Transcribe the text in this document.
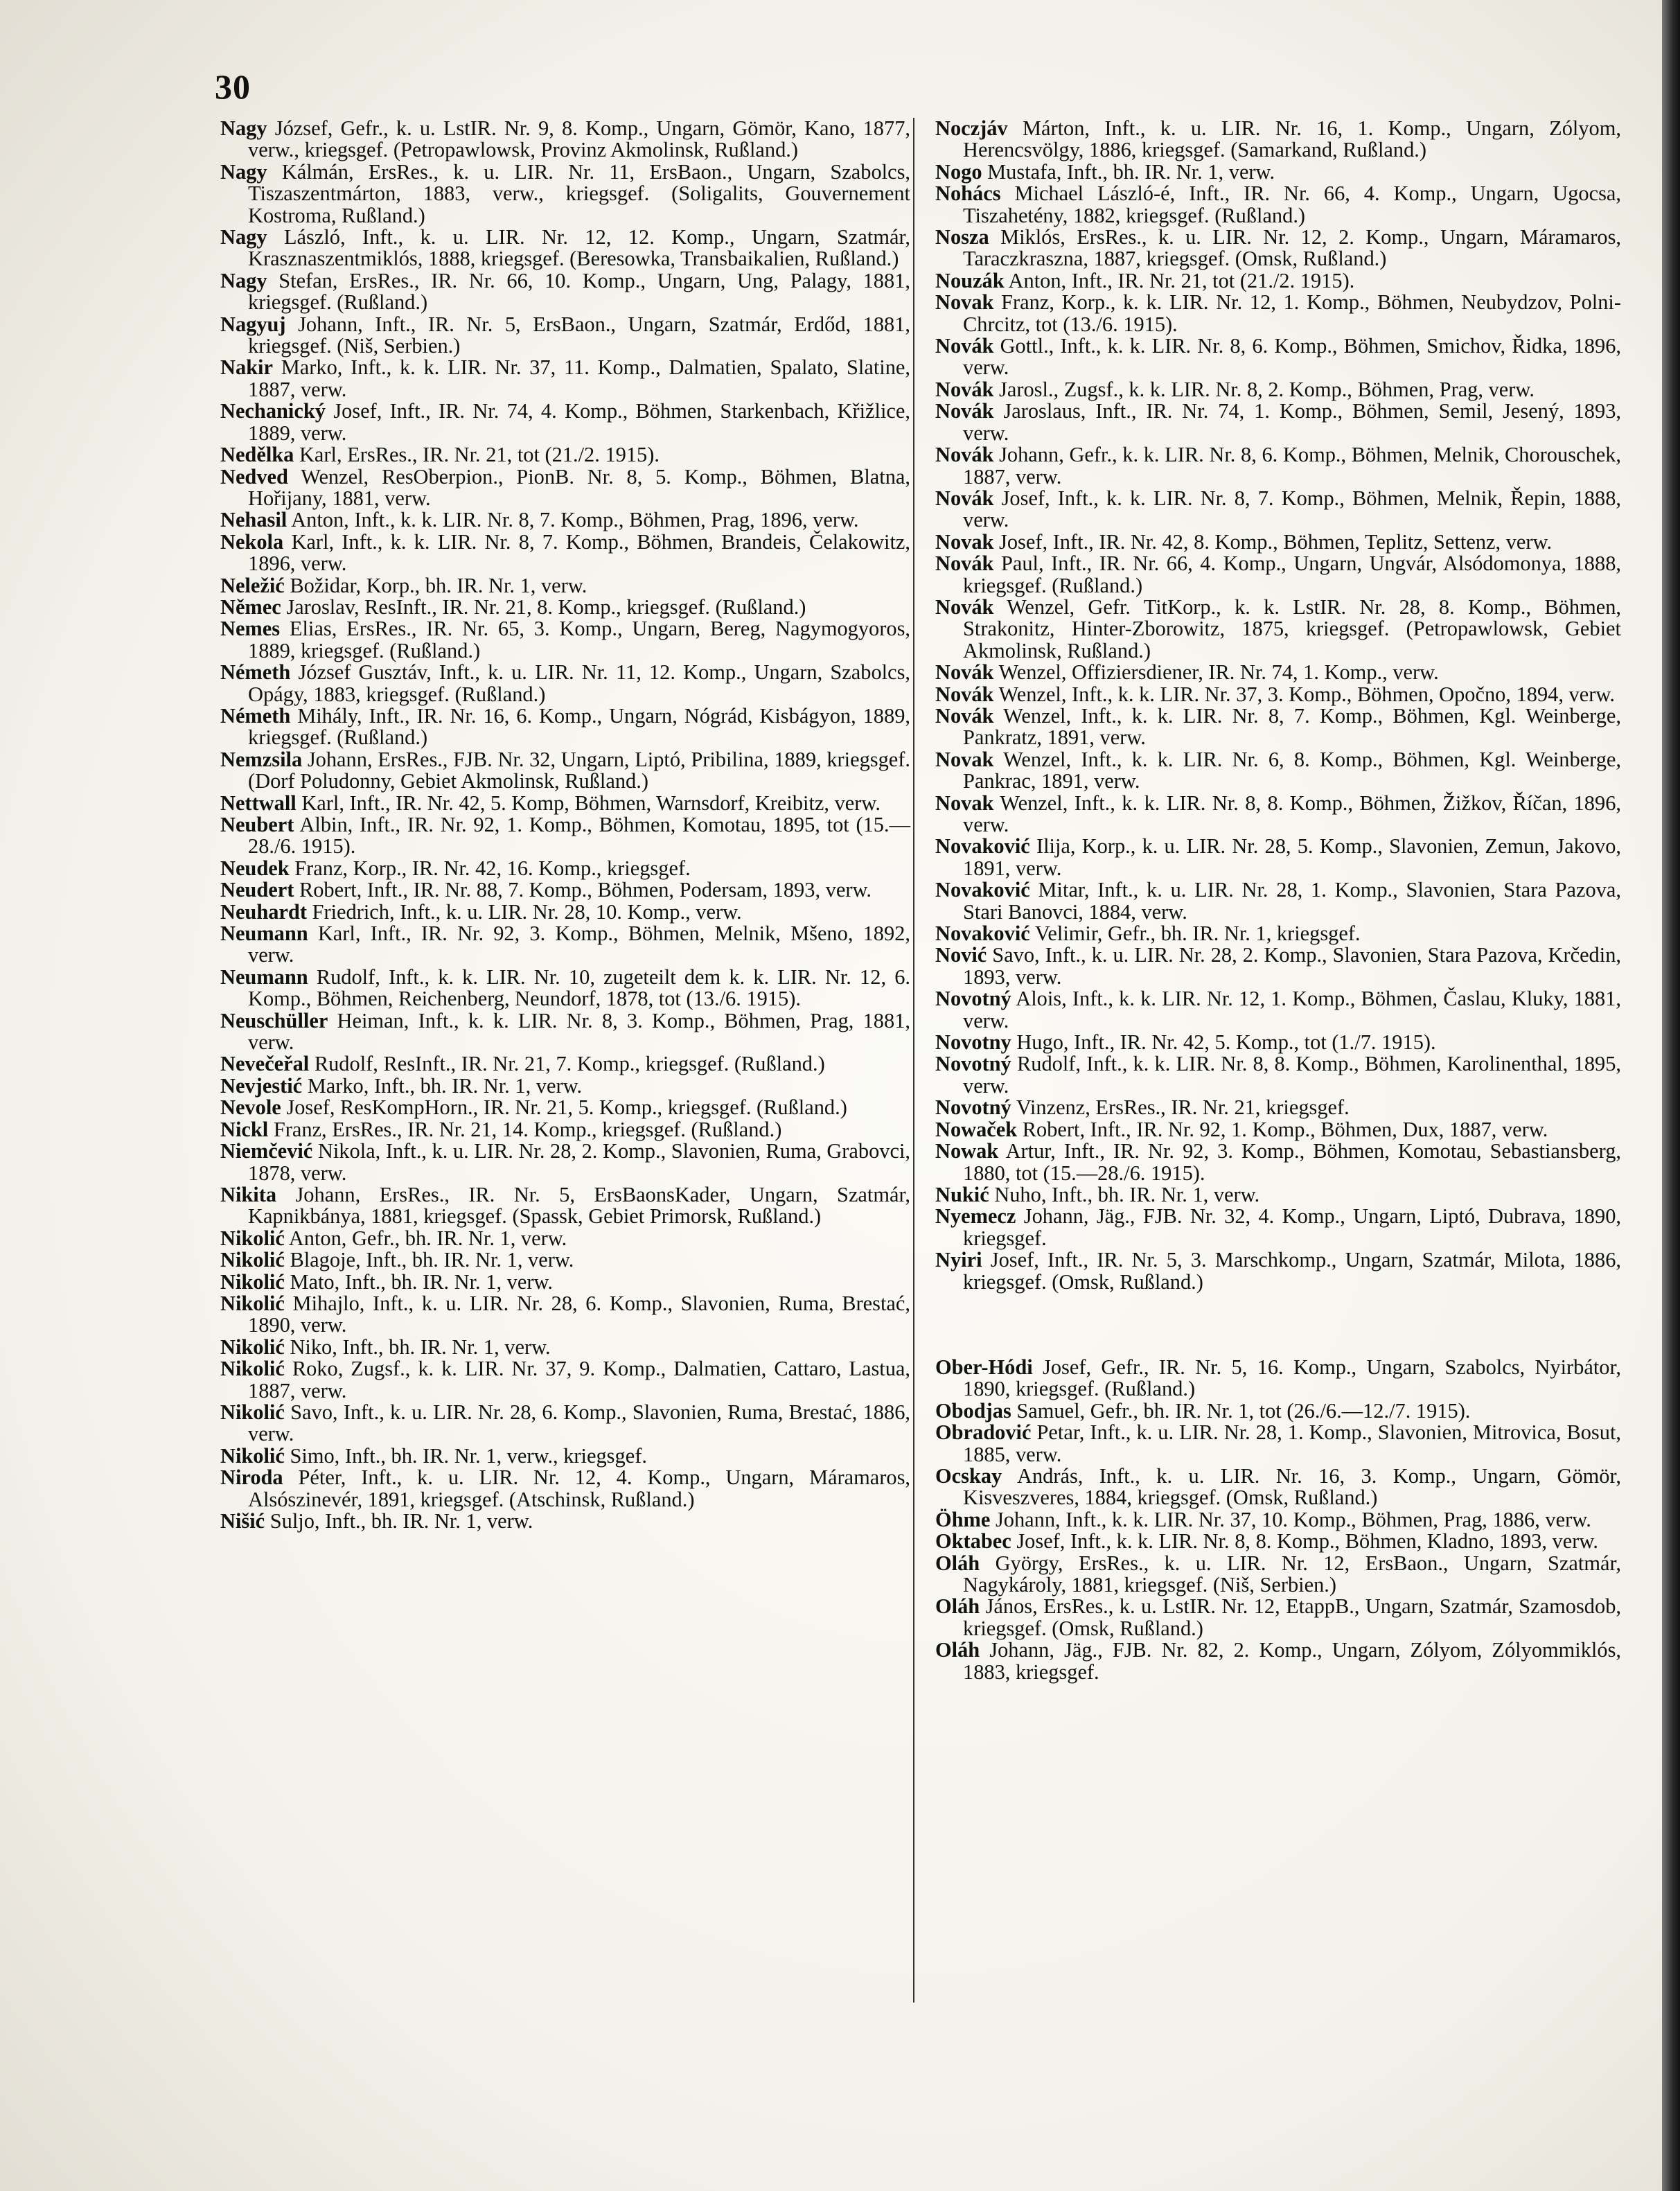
30

Nagy József, Gefr., k. u. LstIR. Nr. 9, 8. Komp., Ungarn, Gömör, Kano, 1877, verw., kriegsgef. (Petropawlowsk, Provinz Akmolinsk, Rußland.)

Nagy Kálmán, ErsRes., k. u. LIR. Nr. 11, ErsBaon., Ungarn, Szabolcs, Tiszaszentmárton, 1883, verw., kriegsgef. (Soligalits, Gouvernement Kostroma, Rußland.)

Nagy László, Inft., k. u. LIR. Nr. 12, 12. Komp., Ungarn, Szatmár, Krasznaszentmiklós, 1888, kriegsgef. (Beresowka, Transbaikalien, Rußland.)

Nagy Stefan, ErsRes., IR. Nr. 66, 10. Komp., Ungarn, Ung, Palagy, 1881, kriegsgef. (Rußland.)

Nagyuj Johann, Inft., IR. Nr. 5, ErsBaon., Ungarn, Szatmár, Erdőd, 1881, kriegsgef. (Niš, Serbien.)

Nakir Marko, Inft., k. k. LIR. Nr. 37, 11. Komp., Dalmatien, Spalato, Slatine, 1887, verw.

Nechanický Josef, Inft., IR. Nr. 74, 4. Komp., Böhmen, Starkenbach, Křižlice, 1889, verw.

Nedělka Karl, ErsRes., IR. Nr. 21, tot (21./2. 1915).

Nedved Wenzel, ResOberpion., PionB. Nr. 8, 5. Komp., Böhmen, Blatna, Hořijany, 1881, verw.

Nehasil Anton, Inft., k. k. LIR. Nr. 8, 7. Komp., Böhmen, Prag, 1896, verw.

Nekola Karl, Inft., k. k. LIR. Nr. 8, 7. Komp., Böhmen, Brandeis, Čelakowitz, 1896, verw.

Neležić Božidar, Korp., bh. IR. Nr. 1, verw.

Němec Jaroslav, ResInft., IR. Nr. 21, 8. Komp., kriegsgef. (Rußland.)

Nemes Elias, ErsRes., IR. Nr. 65, 3. Komp., Ungarn, Bereg, Nagymogyoros, 1889, kriegsgef. (Rußland.)

Németh József Gusztáv, Inft., k. u. LIR. Nr. 11, 12. Komp., Ungarn, Szabolcs, Opágy, 1883, kriegsgef. (Rußland.)

Németh Mihály, Inft., IR. Nr. 16, 6. Komp., Ungarn, Nógrád, Kisbágyon, 1889, kriegsgef. (Rußland.)

Nemzsila Johann, ErsRes., FJB. Nr. 32, Ungarn, Liptó, Pribilina, 1889, kriegsgef. (Dorf Poludonny, Gebiet Akmolinsk, Rußland.)

Nettwall Karl, Inft., IR. Nr. 42, 5. Komp, Böhmen, Warnsdorf, Kreibitz, verw.

Neubert Albin, Inft., IR. Nr. 92, 1. Komp., Böhmen, Komotau, 1895, tot (15.—28./6. 1915).

Neudek Franz, Korp., IR. Nr. 42, 16. Komp., kriegsgef.

Neudert Robert, Inft., IR. Nr. 88, 7. Komp., Böhmen, Podersam, 1893, verw.

Neuhardt Friedrich, Inft., k. u. LIR. Nr. 28, 10. Komp., verw.

Neumann Karl, Inft., IR. Nr. 92, 3. Komp., Böhmen, Melnik, Mšeno, 1892, verw.

Neumann Rudolf, Inft., k. k. LIR. Nr. 10, zugeteilt dem k. k. LIR. Nr. 12, 6. Komp., Böhmen, Reichenberg, Neundorf, 1878, tot (13./6. 1915).

Neuschüller Heiman, Inft., k. k. LIR. Nr. 8, 3. Komp., Böhmen, Prag, 1881, verw.

Nevečeřal Rudolf, ResInft., IR. Nr. 21, 7. Komp., kriegsgef. (Rußland.)

Nevjestić Marko, Inft., bh. IR. Nr. 1, verw.

Nevole Josef, ResKompHorn., IR. Nr. 21, 5. Komp., kriegsgef. (Rußland.)

Nickl Franz, ErsRes., IR. Nr. 21, 14. Komp., kriegsgef. (Rußland.)

Niemčević Nikola, Inft., k. u. LIR. Nr. 28, 2. Komp., Slavonien, Ruma, Grabovci, 1878, verw.

Nikita Johann, ErsRes., IR. Nr. 5, ErsBaonsKader, Ungarn, Szatmár, Kapnikbánya, 1881, kriegsgef. (Spassk, Gebiet Primorsk, Rußland.)

Nikolić Anton, Gefr., bh. IR. Nr. 1, verw.

Nikolić Blagoje, Inft., bh. IR. Nr. 1, verw.

Nikolić Mato, Inft., bh. IR. Nr. 1, verw.

Nikolić Mihajlo, Inft., k. u. LIR. Nr. 28, 6. Komp., Slavonien, Ruma, Brestać, 1890, verw.

Nikolić Niko, Inft., bh. IR. Nr. 1, verw.

Nikolić Roko, Zugsf., k. k. LIR. Nr. 37, 9. Komp., Dalmatien, Cattaro, Lastua, 1887, verw.

Nikolić Savo, Inft., k. u. LIR. Nr. 28, 6. Komp., Slavonien, Ruma, Brestać, 1886, verw.

Nikolić Simo, Inft., bh. IR. Nr. 1, verw., kriegsgef.

Niroda Péter, Inft., k. u. LIR. Nr. 12, 4. Komp., Ungarn, Máramaros, Alsószinevér, 1891, kriegsgef. (Atschinsk, Rußland.)

Nišić Suljo, Inft., bh. IR. Nr. 1, verw.

Noczjáv Márton, Inft., k. u. LIR. Nr. 16, 1. Komp., Ungarn, Zólyom, Herencsvölgy, 1886, kriegsgef. (Samarkand, Rußland.)

Nogo Mustafa, Inft., bh. IR. Nr. 1, verw.

Nohács Michael László-é, Inft., IR. Nr. 66, 4. Komp., Ungarn, Ugocsa, Tiszahetény, 1882, kriegsgef. (Rußland.)

Nosza Miklós, ErsRes., k. u. LIR. Nr. 12, 2. Komp., Ungarn, Máramaros, Taraczkraszna, 1887, kriegsgef. (Omsk, Rußland.)

Nouzák Anton, Inft., IR. Nr. 21, tot (21./2. 1915).

Novak Franz, Korp., k. k. LIR. Nr. 12, 1. Komp., Böhmen, Neubydzov, Polni-Chrcitz, tot (13./6. 1915).

Novák Gottl., Inft., k. k. LIR. Nr. 8, 6. Komp., Böhmen, Smichov, Řidka, 1896, verw.

Novák Jarosl., Zugsf., k. k. LIR. Nr. 8, 2. Komp., Böhmen, Prag, verw.

Novák Jaroslaus, Inft., IR. Nr. 74, 1. Komp., Böhmen, Semil, Jesený, 1893, verw.

Novák Johann, Gefr., k. k. LIR. Nr. 8, 6. Komp., Böhmen, Melnik, Chorouschek, 1887, verw.

Novák Josef, Inft., k. k. LIR. Nr. 8, 7. Komp., Böhmen, Melnik, Řepin, 1888, verw.

Novak Josef, Inft., IR. Nr. 42, 8. Komp., Böhmen, Teplitz, Settenz, verw.

Novák Paul, Inft., IR. Nr. 66, 4. Komp., Ungarn, Ungvár, Alsódomonya, 1888, kriegsgef. (Rußland.)

Novák Wenzel, Gefr. TitKorp., k. k. LstIR. Nr. 28, 8. Komp., Böhmen, Strakonitz, Hinter-Zborowitz, 1875, kriegsgef. (Petropawlowsk, Gebiet Akmolinsk, Rußland.)

Novák Wenzel, Offiziersdiener, IR. Nr. 74, 1. Komp., verw.

Novák Wenzel, Inft., k. k. LIR. Nr. 37, 3. Komp., Böhmen, Opočno, 1894, verw.

Novák Wenzel, Inft., k. k. LIR. Nr. 8, 7. Komp., Böhmen, Kgl. Weinberge, Pankratz, 1891, verw.

Novak Wenzel, Inft., k. k. LIR. Nr. 6, 8. Komp., Böhmen, Kgl. Weinberge, Pankrac, 1891, verw.

Novak Wenzel, Inft., k. k. LIR. Nr. 8, 8. Komp., Böhmen, Žižkov, Říčan, 1896, verw.

Novaković Ilija, Korp., k. u. LIR. Nr. 28, 5. Komp., Slavonien, Zemun, Jakovo, 1891, verw.

Novaković Mitar, Inft., k. u. LIR. Nr. 28, 1. Komp., Slavonien, Stara Pazova, Stari Banovci, 1884, verw.

Novaković Velimir, Gefr., bh. IR. Nr. 1, kriegsgef.

Nović Savo, Inft., k. u. LIR. Nr. 28, 2. Komp., Slavonien, Stara Pazova, Krčedin, 1893, verw.

Novotný Alois, Inft., k. k. LIR. Nr. 12, 1. Komp., Böhmen, Časlau, Kluky, 1881, verw.

Novotny Hugo, Inft., IR. Nr. 42, 5. Komp., tot (1./7. 1915).

Novotný Rudolf, Inft., k. k. LIR. Nr. 8, 8. Komp., Böhmen, Karolinenthal, 1895, verw.

Novotný Vinzenz, ErsRes., IR. Nr. 21, kriegsgef.

Nowaček Robert, Inft., IR. Nr. 92, 1. Komp., Böhmen, Dux, 1887, verw.

Nowak Artur, Inft., IR. Nr. 92, 3. Komp., Böhmen, Komotau, Sebastiansberg, 1880, tot (15.—28./6. 1915).

Nukić Nuho, Inft., bh. IR. Nr. 1, verw.

Nyemecz Johann, Jäg., FJB. Nr. 32, 4. Komp., Ungarn, Liptó, Dubrava, 1890, kriegsgef.

Nyiri Josef, Inft., IR. Nr. 5, 3. Marschkomp., Ungarn, Szatmár, Milota, 1886, kriegsgef. (Omsk, Rußland.)

Ober-Hódi Josef, Gefr., IR. Nr. 5, 16. Komp., Ungarn, Szabolcs, Nyirbátor, 1890, kriegsgef. (Rußland.)

Obodjas Samuel, Gefr., bh. IR. Nr. 1, tot (26./6.—12./7. 1915).

Obradović Petar, Inft., k. u. LIR. Nr. 28, 1. Komp., Slavonien, Mitrovica, Bosut, 1885, verw.

Ocskay András, Inft., k. u. LIR. Nr. 16, 3. Komp., Ungarn, Gömör, Kisveszveres, 1884, kriegsgef. (Omsk, Rußland.)

Öhme Johann, Inft., k. k. LIR. Nr. 37, 10. Komp., Böhmen, Prag, 1886, verw.

Oktabec Josef, Inft., k. k. LIR. Nr. 8, 8. Komp., Böhmen, Kladno, 1893, verw.

Oláh György, ErsRes., k. u. LIR. Nr. 12, ErsBaon., Ungarn, Szatmár, Nagykároly, 1881, kriegsgef. (Niš, Serbien.)

Oláh János, ErsRes., k. u. LstIR. Nr. 12, EtappB., Ungarn, Szatmár, Szamosdob, kriegsgef. (Omsk, Rußland.)

Oláh Johann, Jäg., FJB. Nr. 82, 2. Komp., Ungarn, Zólyom, Zólyommiklós, 1883, kriegsgef.
